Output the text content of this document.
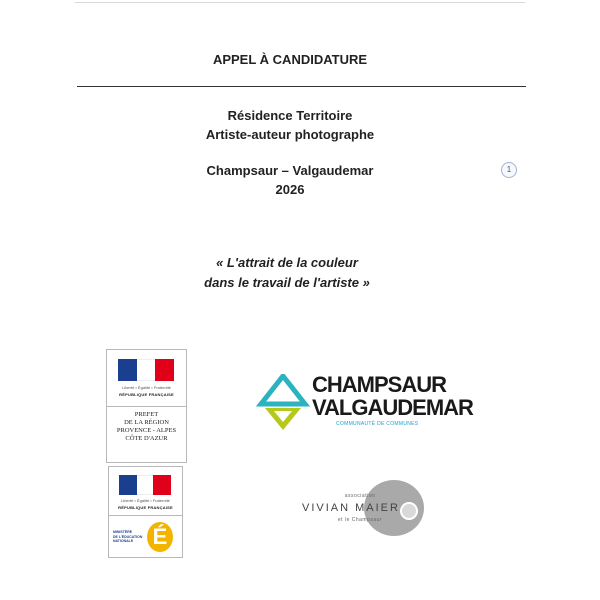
APPEL À CANDIDATURE
Résidence Territoire
Artiste-auteur photographe
Champsaur – Valgaudemar
2026
1
« L'attrait de la couleur
dans le travail de l'artiste »
Liberté • Égalité • Fraternité
RÉPUBLIQUE FRANÇAISE
PREFET
DE LA RÉGION
PROVENCE - ALPES
CÔTE D'AZUR
Liberté • Égalité • Fraternité
RÉPUBLIQUE FRANÇAISE
MINISTÈRE
DE L'ÉDUCATION
NATIONALE É
CHAMPSAUR
VALGAUDEMAR
COMMUNAUTÉ DE COMMUNES
association
VIVIAN MAIER
et le Champsaur
